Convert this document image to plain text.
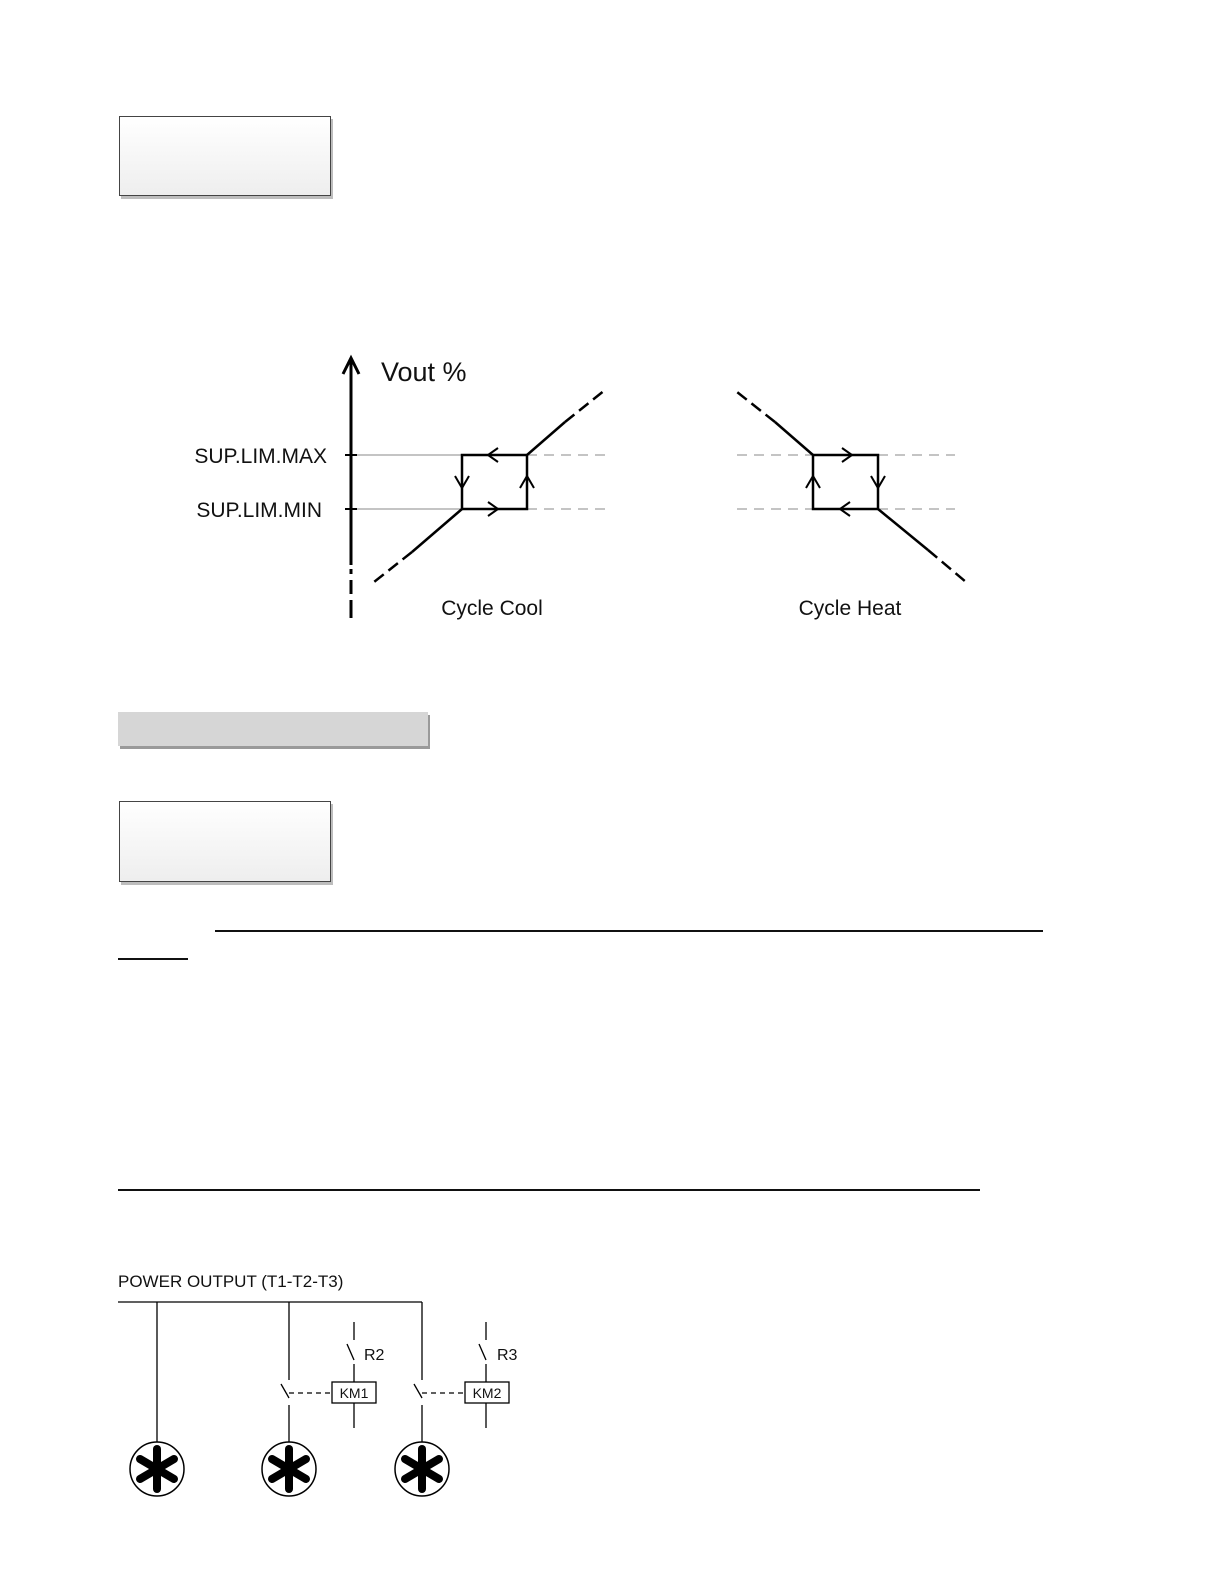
Vout %
SUP.LIM.MAX
SUP.LIM.MIN
Cycle Cool	Cycle Heat
POWER OUTPUT (T1-T2-T3)
R2
KM1
R3
KM2
